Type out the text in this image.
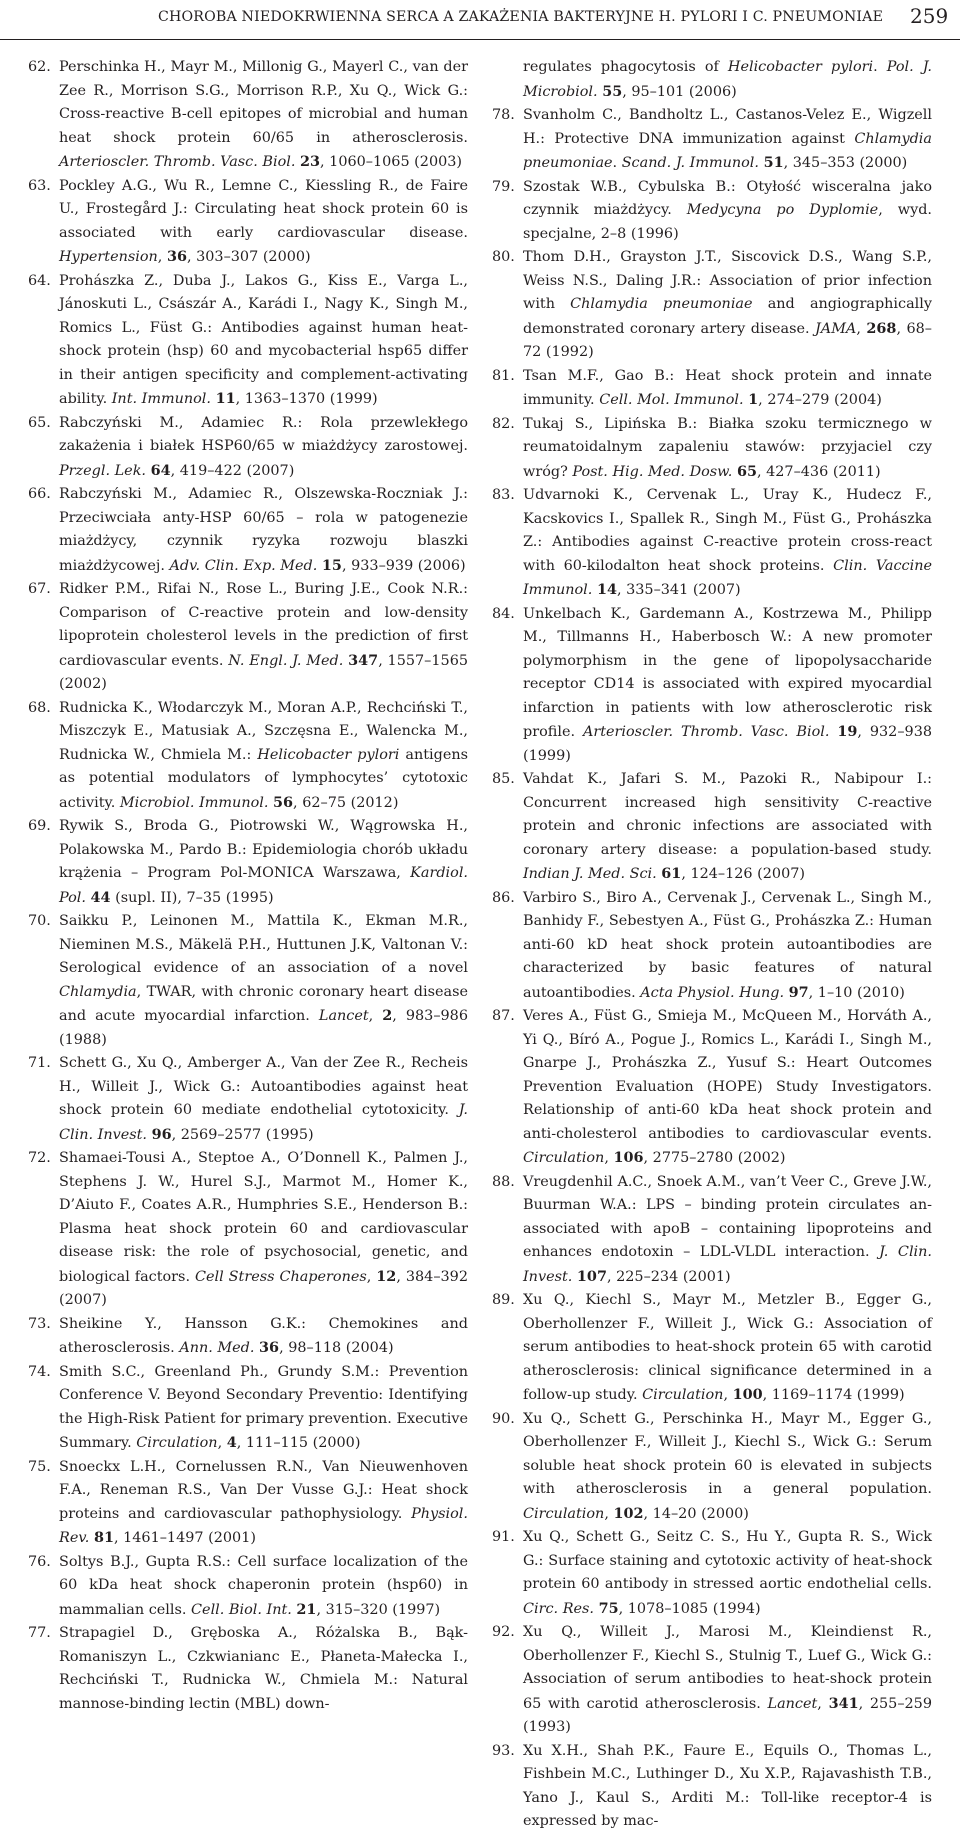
CHOROBA NIEDOKRWIENNA SERCA A ZAKAŻENIA BAKTERYJNE H. PYLORI I C. PNEUMONIAE 259
62. Perschinka H., Mayr M., Millonig G., Mayerl C., van der Zee R., Morrison S.G., Morrison R.P., Xu Q., Wick G.: Cross-reactive B-cell epitopes of microbial and human heat shock protein 60/65 in atherosclerosis. Arterioscler. Thromb. Vasc. Biol. 23, 1060–1065 (2003)
63. Pockley A.G., Wu R., Lemne C., Kiessling R., de Faire U., Frostegård J.: Circulating heat shock protein 60 is associated with early cardiovascular disease. Hypertension, 36, 303–307 (2000)
64. Prohászka Z., Duba J., Lakos G., Kiss E., Varga L., Jánoskuti L., Császár A., Karádi I., Nagy K., Singh M., Romics L., Füst G.: Antibodies against human heat-shock protein (hsp) 60 and mycobacterial hsp65 differ in their antigen specificity and complement-activating ability. Int. Immunol. 11, 1363–1370 (1999)
65. Rabczyński M., Adamiec R.: Rola przewlekłego zakażenia i białek HSP60/65 w miażdżycy zarostowej. Przegl. Lek. 64, 419–422 (2007)
66. Rabczyński M., Adamiec R., Olszewska-Roczniak J.: Przeciwciała anty-HSP 60/65 – rola w patogenezie miażdżycy, czynnik ryzyka rozwoju blaszki miażdżycowej. Adv. Clin. Exp. Med. 15, 933–939 (2006)
67. Ridker P.M., Rifai N., Rose L., Buring J.E., Cook N.R.: Comparison of C-reactive protein and low-density lipoprotein cholesterol levels in the prediction of first cardiovascular events. N. Engl. J. Med. 347, 1557–1565 (2002)
68. Rudnicka K., Włodarczyk M., Moran A.P., Rechciński T., Miszczyk E., Matusiak A., Szczęsna E., Walencka M., Rudnicka W., Chmiela M.: Helicobacter pylori antigens as potential modulators of lymphocytes’ cytotoxic activity. Microbiol. Immunol. 56, 62–75 (2012)
69. Rywik S., Broda G., Piotrowski W., Wągrowska H., Polakowska M., Pardo B.: Epidemiologia chorób układu krążenia – Program Pol-MONICA Warszawa, Kardiol. Pol. 44 (supl. II), 7–35 (1995)
70. Saikku P., Leinonen M., Mattila K., Ekman M.R., Nieminen M.S., Mäkelä P.H., Huttunen J.K, Valtonan V.: Serological evidence of an association of a novel Chlamydia, TWAR, with chronic coronary heart disease and acute myocardial infarction. Lancet, 2, 983–986 (1988)
71. Schett G., Xu Q., Amberger A., Van der Zee R., Recheis H., Willeit J., Wick G.: Autoantibodies against heat shock protein 60 mediate endothelial cytotoxicity. J. Clin. Invest. 96, 2569–2577 (1995)
72. Shamaei-Tousi A., Steptoe A., O’Donnell K., Palmen J., Stephens J. W., Hurel S.J., Marmot M., Homer K., D’Aiuto F., Coates A.R., Humphries S.E., Henderson B.: Plasma heat shock protein 60 and cardiovascular disease risk: the role of psychosocial, genetic, and biological factors. Cell Stress Chaperones, 12, 384–392 (2007)
73. Sheikine Y., Hansson G.K.: Chemokines and atherosclerosis. Ann. Med. 36, 98–118 (2004)
74. Smith S.C., Greenland Ph., Grundy S.M.: Prevention Conference V. Beyond Secondary Preventio: Identifying the High-Risk Patient for primary prevention. Executive Summary. Circulation, 4, 111–115 (2000)
75. Snoeckx L.H., Cornelussen R.N., Van Nieuwenhoven F.A., Reneman R.S., Van Der Vusse G.J.: Heat shock proteins and cardiovascular pathophysiology. Physiol. Rev. 81, 1461–1497 (2001)
76. Soltys B.J., Gupta R.S.: Cell surface localization of the 60 kDa heat shock chaperonin protein (hsp60) in mammalian cells. Cell. Biol. Int. 21, 315–320 (1997)
77. Strapagiel D., Gręboska A., Różalska B., Bąk-Romaniszyn L., Czkwianianc E., Płaneta-Małecka I., Rechciński T., Rudnicka W., Chmiela M.: Natural mannose-binding lectin (MBL) down-
regulates phagocytosis of Helicobacter pylori. Pol. J. Microbiol. 55, 95–101 (2006)
78. Svanholm C., Bandholtz L., Castanos-Velez E., Wigzell H.: Protective DNA immunization against Chlamydia pneumoniae. Scand. J. Immunol. 51, 345–353 (2000)
79. Szostak W.B., Cybulska B.: Otyłość wisceralna jako czynnik miażdżycy. Medycyna po Dyplomie, wyd. specjalne, 2–8 (1996)
80. Thom D.H., Grayston J.T., Siscovick D.S., Wang S.P., Weiss N.S., Daling J.R.: Association of prior infection with Chlamydia pneumoniae and angiographically demonstrated coronary artery disease. JAMA, 268, 68–72 (1992)
81. Tsan M.F., Gao B.: Heat shock protein and innate immunity. Cell. Mol. Immunol. 1, 274–279 (2004)
82. Tukaj S., Lipińska B.: Białka szoku termicznego w reumatoidalnym zapaleniu stawów: przyjaciel czy wróg? Post. Hig. Med. Dosw. 65, 427–436 (2011)
83. Udvarnoki K., Cervenak L., Uray K., Hudecz F., Kacskovics I., Spallek R., Singh M., Füst G., Prohászka Z.: Antibodies against C-reactive protein cross-react with 60-kilodalton heat shock proteins. Clin. Vaccine Immunol. 14, 335–341 (2007)
84. Unkelbach K., Gardemann A., Kostrzewa M., Philipp M., Tillmanns H., Haberbosch W.: A new promoter polymorphism in the gene of lipopolysaccharide receptor CD14 is associated with expired myocardial infarction in patients with low atherosclerotic risk profile. Arterioscler. Thromb. Vasc. Biol. 19, 932–938 (1999)
85. Vahdat K., Jafari S. M., Pazoki R., Nabipour I.: Concurrent increased high sensitivity C-reactive protein and chronic infections are associated with coronary artery disease: a population-based study. Indian J. Med. Sci. 61, 124–126 (2007)
86. Varbiro S., Biro A., Cervenak J., Cervenak L., Singh M., Banhidy F., Sebestyen A., Füst G., Prohászka Z.: Human anti-60 kD heat shock protein autoantibodies are characterized by basic features of natural autoantibodies. Acta Physiol. Hung. 97, 1–10 (2010)
87. Veres A., Füst G., Smieja M., McQueen M., Horváth A., Yi Q., Bíró A., Pogue J., Romics L., Karádi I., Singh M., Gnarpe J., Prohászka Z., Yusuf S.: Heart Outcomes Prevention Evaluation (HOPE) Study Investigators. Relationship of anti-60 kDa heat shock protein and anti-cholesterol antibodies to cardiovascular events. Circulation, 106, 2775–2780 (2002)
88. Vreugdenhil A.C., Snoek A.M., van’t Veer C., Greve J.W., Buurman W.A.: LPS – binding protein circulates an-associated with apoB – containing lipoproteins and enhances endotoxin – LDL-VLDL interaction. J. Clin. Invest. 107, 225–234 (2001)
89. Xu Q., Kiechl S., Mayr M., Metzler B., Egger G., Oberhollenzer F., Willeit J., Wick G.: Association of serum antibodies to heat-shock protein 65 with carotid atherosclerosis: clinical significance determined in a follow-up study. Circulation, 100, 1169–1174 (1999)
90. Xu Q., Schett G., Perschinka H., Mayr M., Egger G., Oberhollenzer F., Willeit J., Kiechl S., Wick G.: Serum soluble heat shock protein 60 is elevated in subjects with atherosclerosis in a general population. Circulation, 102, 14–20 (2000)
91. Xu Q., Schett G., Seitz C. S., Hu Y., Gupta R. S., Wick G.: Surface staining and cytotoxic activity of heat-shock protein 60 antibody in stressed aortic endothelial cells. Circ. Res. 75, 1078–1085 (1994)
92. Xu Q., Willeit J., Marosi M., Kleindienst R., Oberhollenzer F., Kiechl S., Stulnig T., Luef G., Wick G.: Association of serum antibodies to heat-shock protein 65 with carotid atherosclerosis. Lancet, 341, 255–259 (1993)
93. Xu X.H., Shah P.K., Faure E., Equils O., Thomas L., Fishbein M.C., Luthinger D., Xu X.P., Rajavashisth T.B., Yano J., Kaul S., Arditi M.: Toll-like receptor-4 is expressed by mac-
